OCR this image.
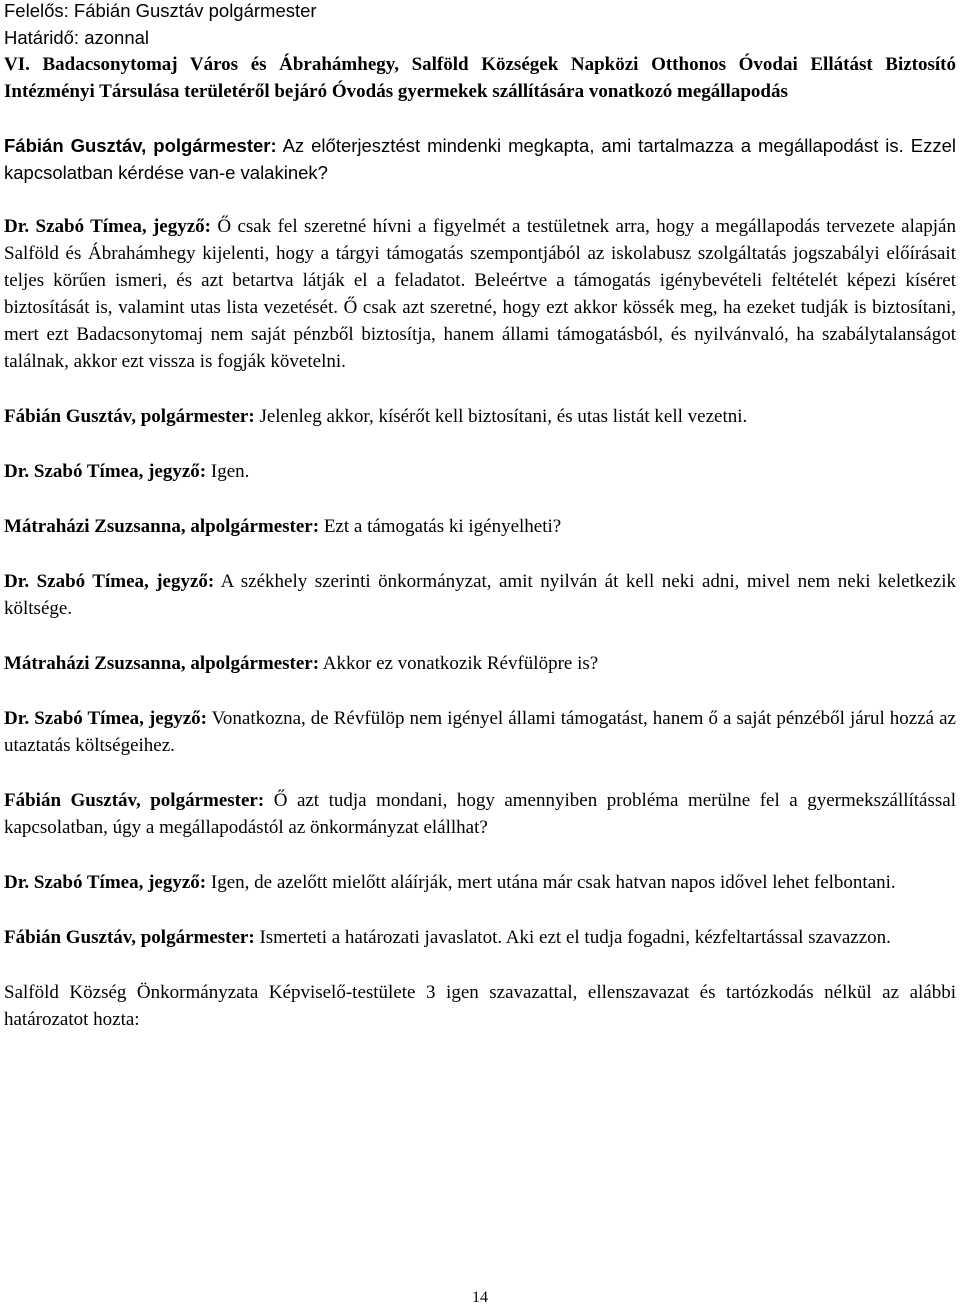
Felelős: Fábián Gusztáv polgármester
Határidő: azonnal

VI. Badacsonytomaj Város és Ábrahámhegy, Salföld Községek Napközi Otthonos Óvodai Ellátást Biztosító Intézményi Társulása területéről bejáró Óvodás gyermekek szállítására vonatkozó megállapodás

Fábián Gusztáv, polgármester: Az előterjesztést mindenki megkapta, ami tartalmazza a megállapodást is. Ezzel kapcsolatban kérdése van-e valakinek?

Dr. Szabó Tímea, jegyző: Ő csak fel szeretné hívni a figyelmét a testületnek arra, hogy a megállapodás tervezete alapján Salföld és Ábrahámhegy kijelenti, hogy a tárgyi támogatás szempontjából az iskolabusz szolgáltatás jogszabályi előírásait teljes körűen ismeri, és azt betartva látják el a feladatot. Beleértve a támogatás igénybevételi feltételét képezi kíséret biztosítását is, valamint utas lista vezetését. Ő csak azt szeretné, hogy ezt akkor kössék meg, ha ezeket tudják is biztosítani, mert ezt Badacsonytomaj nem saját pénzből biztosítja, hanem állami támogatásból, és nyilvánvaló, ha szabálytalanságot találnak, akkor ezt vissza is fogják követelni.

Fábián Gusztáv, polgármester: Jelenleg akkor, kísérőt kell biztosítani, és utas listát kell vezetni.

Dr. Szabó Tímea, jegyző: Igen.

Mátraházi Zsuzsanna, alpolgármester: Ezt a támogatás ki igényelheti?

Dr. Szabó Tímea, jegyző: A székhely szerinti önkormányzat, amit nyilván át kell neki adni, mivel nem neki keletkezik költsége.

Mátraházi Zsuzsanna, alpolgármester: Akkor ez vonatkozik Révfülöpre is?

Dr. Szabó Tímea, jegyző: Vonatkozna, de Révfülöp nem igényel állami támogatást, hanem ő a saját pénzéből járul hozzá az utaztatás költségeihez.

Fábián Gusztáv, polgármester: Ő azt tudja mondani, hogy amennyiben probléma merülne fel a gyermekszállítással kapcsolatban, úgy a megállapodástól az önkormányzat elállhat?

Dr. Szabó Tímea, jegyző: Igen, de azelőtt mielőtt aláírják, mert utána már csak hatvan napos idővel lehet felbontani.

Fábián Gusztáv, polgármester: Ismerteti a határozati javaslatot. Aki ezt el tudja fogadni, kézfeltartással szavazzon.

Salföld Község Önkormányzata Képviselő-testülete 3 igen szavazattal, ellenszavazat és tartózkodás nélkül az alábbi határozatot hozta:

14
